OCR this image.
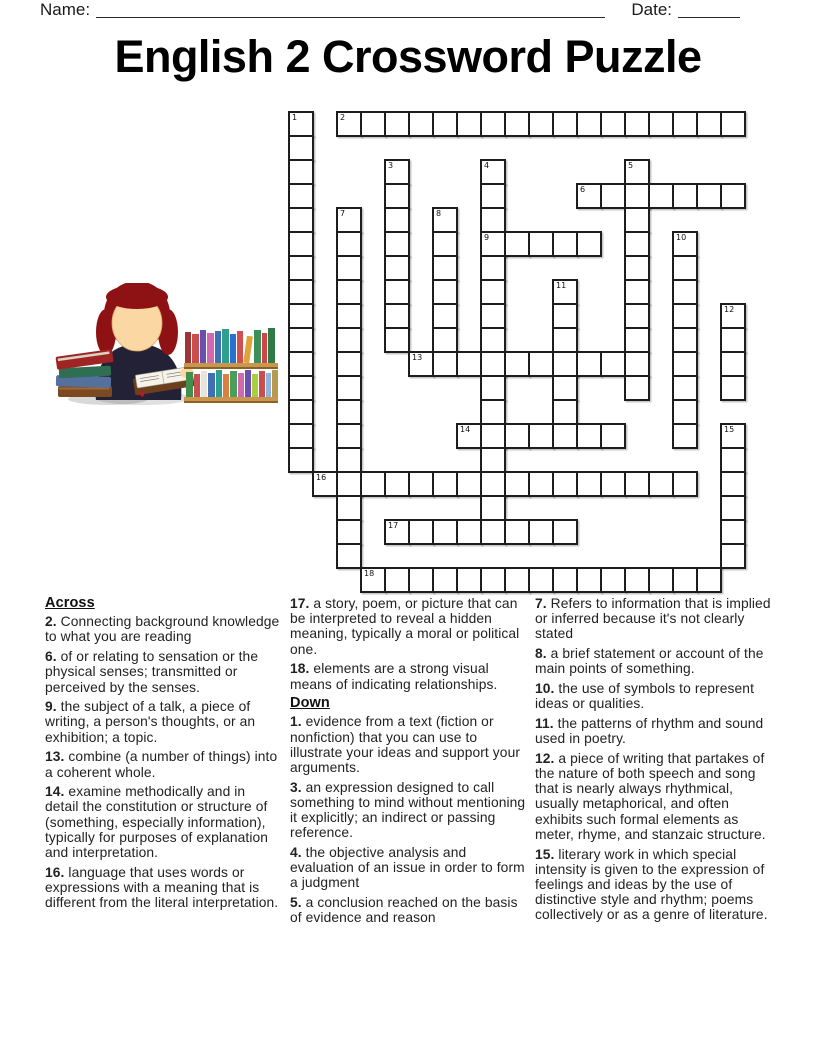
Name:	Date:
English 2 Crossword Puzzle
1	2
3	4	5
6
7	8
9	10
11
12
13
14	15
16
17
18
Across

2. Connecting background knowledge to what you are reading

6. of or relating to sensation or the physical senses; transmitted or perceived by the senses.

9. the subject of a talk, a piece of writing, a person's thoughts, or an exhibition; a topic.

13. combine (a number of things) into a coherent whole.

14. examine methodically and in detail the constitution or structure of (something, especially information), typically for purposes of explanation and interpretation.

16. language that uses words or expressions with a meaning that is different from the literal interpretation.

17. a story, poem, or picture that can be interpreted to reveal a hidden meaning, typically a moral or political one.

18. elements are a strong visual means of indicating relationships.

Down

1. evidence from a text (fiction or nonfiction) that you can use to illustrate your ideas and support your arguments.

3. an expression designed to call something to mind without mentioning it explicitly; an indirect or passing reference.

4. the objective analysis and evaluation of an issue in order to form a judgment

5. a conclusion reached on the basis of evidence and reason

7. Refers to information that is implied or inferred because it's not clearly stated

8. a brief statement or account of the main points of something.

10. the use of symbols to represent ideas or qualities.

11. the patterns of rhythm and sound used in poetry.

12. a piece of writing that partakes of the nature of both speech and song that is nearly always rhythmical, usually metaphorical, and often exhibits such formal elements as meter, rhyme, and stanzaic structure.

15. literary work in which special intensity is given to the expression of feelings and ideas by the use of distinctive style and rhythm; poems collectively or as a genre of literature.
